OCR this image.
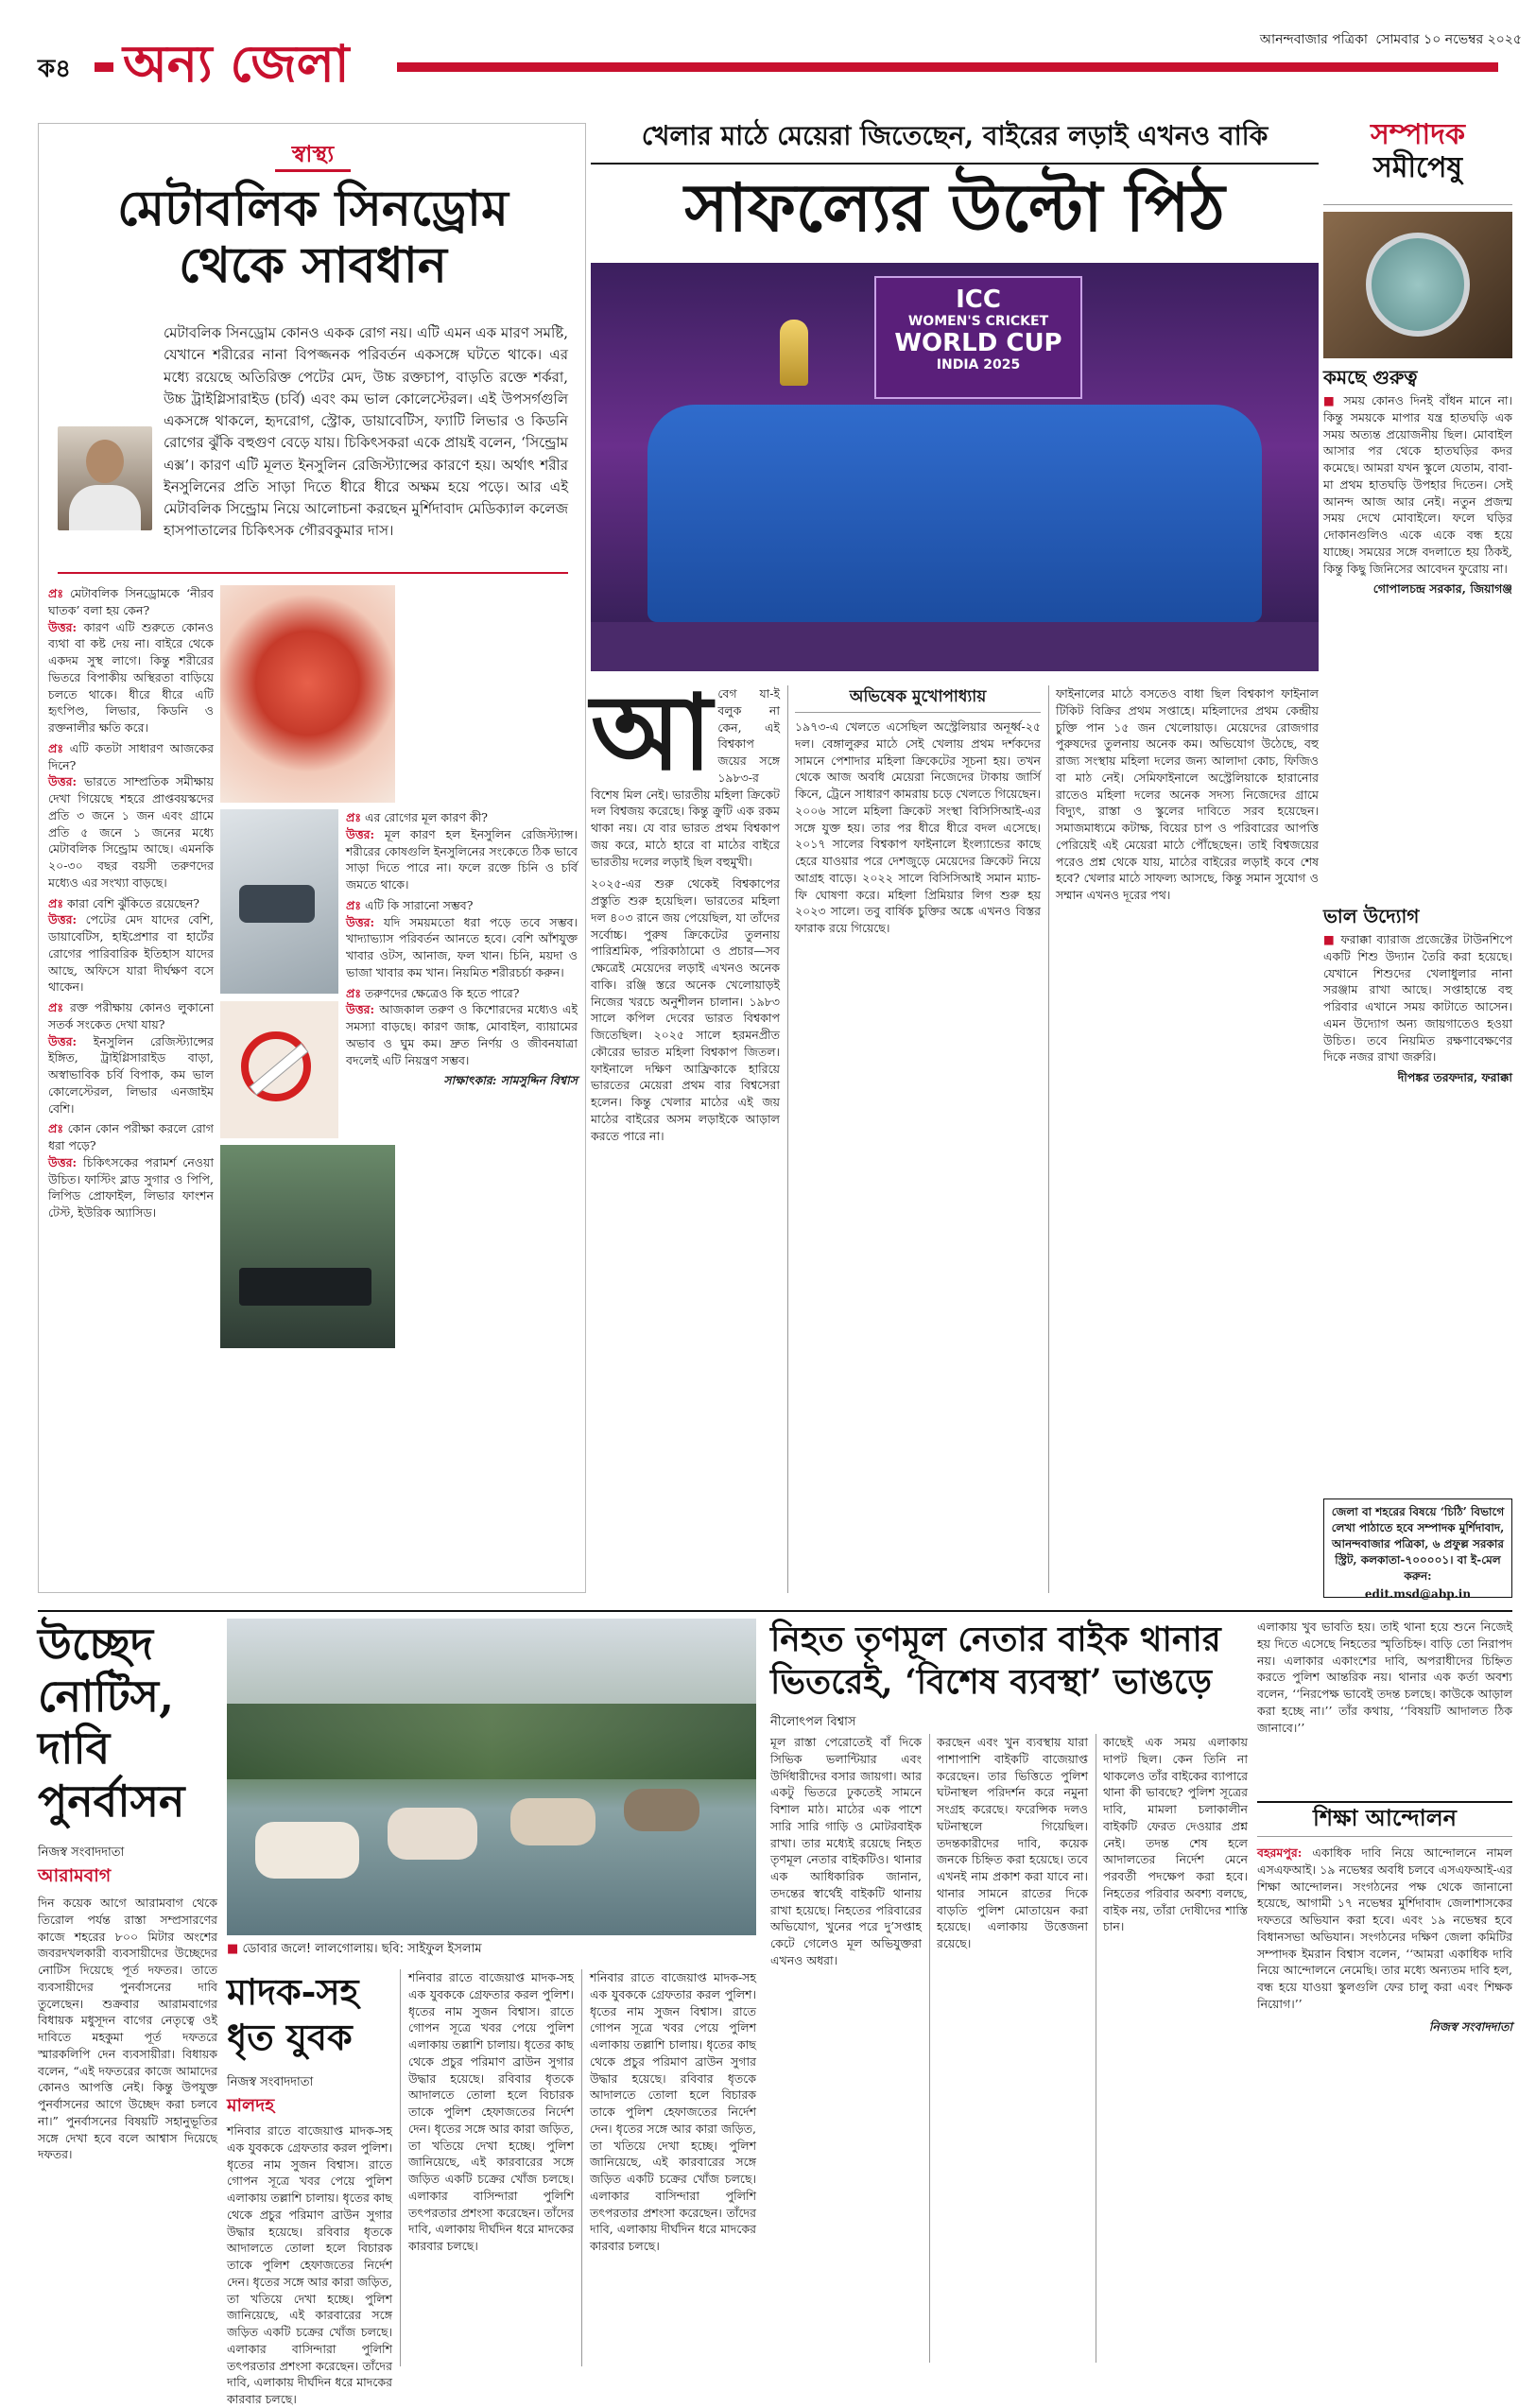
ক৪ অন্য জেলা	আনন্দবাজার পত্রিকা সোমবার ১০ নভেম্বর ২০২৫
স্বাস্থ্য
মেটাবলিক সিনড্রোম
থেকে সাবধান
মেটাবলিক সিনড্রোম কোনও একক রোগ নয়। এটি এমন এক মারণ সমষ্টি, যেখানে শরীরের নানা বিপজ্জনক পরিবর্তন একসঙ্গে ঘটতে থাকে। এর মধ্যে রয়েছে অতিরিক্ত পেটের মেদ, উচ্চ রক্তচাপ, বাড়তি রক্তে শর্করা, উচ্চ ট্রাইগ্লিসারাইড (চর্বি) এবং কম ভাল কোলেস্টেরল। এই উপসর্গগুলি একসঙ্গে থাকলে, হৃদরোগ, স্ট্রোক, ডায়াবেটিস, ফ্যাটি লিভার ও কিডনি রোগের ঝুঁকি বহুগুণ বেড়ে যায়। চিকিৎসকরা একে প্রায়ই বলেন, ‘সিন্ড্রোম এক্স’। কারণ এটি মূলত ইনসুলিন রেজিস্ট্যান্সের কারণে হয়। অর্থাৎ শরীর ইনসুলিনের প্রতি সাড়া দিতে ধীরে ধীরে অক্ষম হয়ে পড়ে। আর এই মেটাবলিক সিন্ড্রোম নিয়ে আলোচনা করছেন মুর্শিদাবাদ মেডিক্যাল কলেজ হাসপাতালের চিকিৎসক গৌরবকুমার দাস।

প্রঃ মেটাবলিক সিনড্রোমকে ‘নীরব ঘাতক’ বলা হয় কেন?
উত্তর: কারণ এটি শুরুতে কোনও ব্যথা বা কষ্ট দেয় না। বাইরে থেকে একদম সুস্থ লাগে। কিন্তু শরীরের ভিতরে বিপাকীয় অস্থিরতা বাড়িয়ে চলতে থাকে। ধীরে ধীরে এটি হৃৎপিণ্ড, লিভার, কিডনি ও রক্তনালীর ক্ষতি করে।

প্রঃ এটি কতটা সাধারণ আজকের দিনে?
উত্তর: ভারতে সাম্প্রতিক সমীক্ষায় দেখা গিয়েছে শহরে প্রাপ্তবয়স্কদের প্রতি ৩ জনে ১ জন এবং গ্রামে প্রতি ৫ জনে ১ জনের মধ্যে মেটাবলিক সিন্ড্রোম আছে। এমনকি ২০-৩০ বছর বয়সী তরুণদের মধ্যেও এর সংখ্যা বাড়ছে।

প্রঃ কারা বেশি ঝুঁকিতে রয়েছেন?
উত্তর: পেটের মেদ যাদের বেশি, ডায়াবেটিস, হাইপ্রেশার বা হার্টের রোগের পারিবারিক ইতিহাস যাদের আছে, অফিসে যারা দীর্ঘক্ষণ বসে থাকেন।

প্রঃ রক্ত পরীক্ষায় কোনও লুকানো সতর্ক সংকেত দেখা যায়?
উত্তর: ইনসুলিন রেজিস্ট্যান্সের ইঙ্গিত, ট্রাইগ্লিসারাইড বাড়া, অস্বাভাবিক চর্বি বিপাক, কম ভাল কোলেস্টেরল, লিভার এনজাইম বেশি।

প্রঃ কোন কোন পরীক্ষা করলে রোগ ধরা পড়ে?
উত্তর: চিকিৎসকের পরামর্শ নেওয়া উচিত। ফাস্টিং ব্লাড সুগার ও পিপি, লিপিড প্রোফাইল, লিভার ফাংশন টেস্ট, ইউরিক অ্যাসিড।

প্রঃ এর রোগের মূল কারণ কী?
উত্তর: মূল কারণ হল ইনসুলিন রেজিস্ট্যান্স। শরীরের কোষগুলি ইনসুলিনের সংকেতে ঠিক ভাবে সাড়া দিতে পারে না। ফলে রক্তে চিনি ও চর্বি জমতে থাকে।

প্রঃ এটি কি সারানো সম্ভব?
উত্তর: যদি সময়মতো ধরা পড়ে তবে সম্ভব। খাদ্যাভ্যাস পরিবর্তন আনতে হবে। বেশি আঁশযুক্ত খাবার ওটস, আনাজ, ফল খান। চিনি, ময়দা ও ভাজা খাবার কম খান। নিয়মিত শরীরচর্চা করুন।

প্রঃ তরুণদের ক্ষেত্রেও কি হতে পারে?
উত্তর: আজকাল তরুণ ও কিশোরদের মধ্যেও এই সমস্যা বাড়ছে। কারণ জাঙ্ক, মোবাইল, ব্যায়ামের অভাব ও ঘুম কম। দ্রুত নির্ণয় ও জীবনযাত্রা বদলেই এটি নিয়ন্ত্রণ সম্ভব।

সাক্ষাৎকার: সামসুদ্দিন বিশ্বাস

খেলার মাঠে মেয়েরা জিতেছেন, বাইরের লড়াই এখনও বাকি
সাফল্যের উল্টো পিঠ
ICC
WOMEN'S CRICKET
WORLD CUP
INDIA 2025
আ বেগ যা-ই বলুক না কেন, এই বিশ্বকাপ জয়ের সঙ্গে ১৯৮৩-র বিশেষ মিল নেই। ভারতীয় মহিলা ক্রিকেট দল বিশ্বজয় করেছে। কিন্তু ক্রুটি এক রকম থাকা নয়। যে বার ভারত প্রথম বিশ্বকাপ জয় করে, মাঠে হারে বা মাঠের বাইরে ভারতীয় দলের লড়াই ছিল বহুমুখী।

২০২৫-এর শুরু থেকেই বিশ্বকাপের প্রস্তুতি শুরু হয়েছিল। ভারতের মহিলা দল ৪০৩ রানে জয় পেয়েছিল, যা তাঁদের সর্বোচ্চ। পুরুষ ক্রিকেটের তুলনায় পারিশ্রমিক, পরিকাঠামো ও প্রচার—সব ক্ষেত্রেই মেয়েদের লড়াই এখনও অনেক বাকি। রঞ্জি স্তরে অনেক খেলোয়াড়ই নিজের খরচে অনুশীলন চালান। ১৯৮৩ সালে কপিল দেবের ভারত বিশ্বকাপ জিতেছিল। ২০২৫ সালে হরমনপ্রীত কৌরের ভারত মহিলা বিশ্বকাপ জিতল। ফাইনালে দক্ষিণ আফ্রিকাকে হারিয়ে ভারতের মেয়েরা প্রথম বার বিশ্বসেরা হলেন। কিন্তু খেলার মাঠের এই জয় মাঠের বাইরের অসম লড়াইকে আড়াল করতে পারে না।

অভিষেক মুখোপাধ্যায়

১৯৭৩-এ খেলতে এসেছিল অস্ট্রেলিয়ার অনূর্ধ্ব-২৫ দল। বেঙ্গালুরুর মাঠে সেই খেলায় প্রথম দর্শকদের সামনে পেশাদার মহিলা ক্রিকেটের সূচনা হয়। তখন থেকে আজ অবধি মেয়েরা নিজেদের টাকায় জার্সি কিনে, ট্রেনে সাধারণ কামরায় চড়ে খেলতে গিয়েছেন। ২০০৬ সালে মহিলা ক্রিকেট সংস্থা বিসিসিআই-এর সঙ্গে যুক্ত হয়। তার পর ধীরে ধীরে বদল এসেছে। ২০১৭ সালের বিশ্বকাপ ফাইনালে ইংল্যান্ডের কাছে হেরে যাওয়ার পরে দেশজুড়ে মেয়েদের ক্রিকেট নিয়ে আগ্রহ বাড়ে। ২০২২ সালে বিসিসিআই সমান ম্যাচ-ফি ঘোষণা করে। মহিলা প্রিমিয়ার লিগ শুরু হয় ২০২৩ সালে। তবু বার্ষিক চুক্তির অঙ্কে এখনও বিস্তর ফারাক রয়ে গিয়েছে।

ফাইনালের মাঠে বসতেও বাধা ছিল বিশ্বকাপ ফাইনাল টিকিট বিক্রির প্রথম সপ্তাহে। মহিলাদের প্রথম কেন্দ্রীয় চুক্তি পান ১৫ জন খেলোয়াড়। মেয়েদের রোজগার পুরুষদের তুলনায় অনেক কম। অভিযোগ উঠেছে, বহু রাজ্য সংস্থায় মহিলা দলের জন্য আলাদা কোচ, ফিজিও বা মাঠ নেই। সেমিফাইনালে অস্ট্রেলিয়াকে হারানোর রাতেও মহিলা দলের অনেক সদস্য নিজেদের গ্রামে বিদ্যুৎ, রাস্তা ও স্কুলের দাবিতে সরব হয়েছেন। সমাজমাধ্যমে কটাক্ষ, বিয়ের চাপ ও পরিবারের আপত্তি পেরিয়েই এই মেয়েরা মাঠে পৌঁছেছেন। তাই বিশ্বজয়ের পরেও প্রশ্ন থেকে যায়, মাঠের বাইরের লড়াই কবে শেষ হবে? খেলার মাঠে সাফল্য আসছে, কিন্তু সমান সুযোগ ও সম্মান এখনও দূরের পথ।

সম্পাদক
সমীপেষু
কমছে গুরুত্ব

■ সময় কোনও দিনই বাঁধন মানে না। কিন্তু সময়কে মাপার যন্ত্র হাতঘড়ি এক সময় অত্যন্ত প্রয়োজনীয় ছিল। মোবাইল আসার পর থেকে হাতঘড়ির কদর কমেছে। আমরা যখন স্কুলে যেতাম, বাবা-মা প্রথম হাতঘড়ি উপহার দিতেন। সেই আনন্দ আজ আর নেই। নতুন প্রজন্ম সময় দেখে মোবাইলে। ফলে ঘড়ির দোকানগুলিও একে একে বন্ধ হয়ে যাচ্ছে। সময়ের সঙ্গে বদলাতে হয় ঠিকই, কিন্তু কিছু জিনিসের আবেদন ফুরোয় না।

গোপালচন্দ্র সরকার, জিয়াগঞ্জ

ভাল উদ্যোগ

■ ফরাক্কা ব্যারাজ প্রজেক্টের টাউনশিপে একটি শিশু উদ্যান তৈরি করা হয়েছে। যেখানে শিশুদের খেলাধুলার নানা সরঞ্জাম রাখা আছে। সপ্তাহান্তে বহু পরিবার এখানে সময় কাটাতে আসেন। এমন উদ্যোগ অন্য জায়গাতেও হওয়া উচিত। তবে নিয়মিত রক্ষণাবেক্ষণের দিকে নজর রাখা জরুরি।

দীপঙ্কর তরফদার, ফরাক্কা

জেলা বা শহরের বিষয়ে ‘চিঠি’ বিভাগে লেখা পাঠাতে হবে সম্পাদক মুর্শিদাবাদ, আনন্দবাজার পত্রিকা, ৬ প্রফুল্ল সরকার স্ট্রিট, কলকাতা-৭০০০০১। বা ই-মেল করুন:
edit.msd@abp.in
উচ্ছেদ
নোটিস,
দাবি
পুনর্বাসন
নিজস্ব সংবাদদাতা
আরামবাগ
দিন কয়েক আগে আরামবাগ থেকে তিরোল পর্যন্ত রাস্তা সম্প্রসারণের কাজে শহরের ৮০০ মিটার অংশের জবরদখলকারী ব্যবসায়ীদের উচ্ছেদের নোটিস দিয়েছে পূর্ত দফতর। তাতে ব্যবসায়ীদের পুনর্বাসনের দাবি তুলেছেন। শুক্রবার আরামবাগের বিধায়ক মধুসূদন বাগের নেতৃত্বে ওই দাবিতে মহকুমা পূর্ত দফতরে স্মারকলিপি দেন ব্যবসায়ীরা। বিধায়ক বলেন, “এই দফতরের কাজে আমাদের কোনও আপত্তি নেই। কিন্তু উপযুক্ত পুনর্বাসনের আগে উচ্ছেদ করা চলবে না।” পুনর্বাসনের বিষয়টি সহানুভূতির সঙ্গে দেখা হবে বলে আশ্বাস দিয়েছে দফতর।
■ ডোবার জলে! লালগোলায়। ছবি: সাইফুল ইসলাম
মাদক-সহ
ধৃত যুবক
নিজস্ব সংবাদদাতা
মালদহ
শনিবার রাতে বাজেয়াপ্ত মাদক-সহ এক যুবককে গ্রেফতার করল পুলিশ। ধৃতের নাম সুজন বিশ্বাস। রাতে গোপন সূত্রে খবর পেয়ে পুলিশ এলাকায় তল্লাশি চালায়। ধৃতের কাছ থেকে প্রচুর পরিমাণ ব্রাউন সুগার উদ্ধার হয়েছে। রবিবার ধৃতকে আদালতে তোলা হলে বিচারক তাকে পুলিশ হেফাজতের নির্দেশ দেন। ধৃতের সঙ্গে আর কারা জড়িত, তা খতিয়ে দেখা হচ্ছে। পুলিশ জানিয়েছে, এই কারবারের সঙ্গে জড়িত একটি চক্রের খোঁজ চলছে। এলাকার বাসিন্দারা পুলিশি তৎপরতার প্রশংসা করেছেন। তাঁদের দাবি, এলাকায় দীর্ঘদিন ধরে মাদকের কারবার চলছে।
শনিবার রাতে বাজেয়াপ্ত মাদক-সহ এক যুবককে গ্রেফতার করল পুলিশ। ধৃতের নাম সুজন বিশ্বাস। রাতে গোপন সূত্রে খবর পেয়ে পুলিশ এলাকায় তল্লাশি চালায়। ধৃতের কাছ থেকে প্রচুর পরিমাণ ব্রাউন সুগার উদ্ধার হয়েছে। রবিবার ধৃতকে আদালতে তোলা হলে বিচারক তাকে পুলিশ হেফাজতের নির্দেশ দেন। ধৃতের সঙ্গে আর কারা জড়িত, তা খতিয়ে দেখা হচ্ছে। পুলিশ জানিয়েছে, এই কারবারের সঙ্গে জড়িত একটি চক্রের খোঁজ চলছে। এলাকার বাসিন্দারা পুলিশি তৎপরতার প্রশংসা করেছেন। তাঁদের দাবি, এলাকায় দীর্ঘদিন ধরে মাদকের কারবার চলছে।
শনিবার রাতে বাজেয়াপ্ত মাদক-সহ এক যুবককে গ্রেফতার করল পুলিশ। ধৃতের নাম সুজন বিশ্বাস। রাতে গোপন সূত্রে খবর পেয়ে পুলিশ এলাকায় তল্লাশি চালায়। ধৃতের কাছ থেকে প্রচুর পরিমাণ ব্রাউন সুগার উদ্ধার হয়েছে। রবিবার ধৃতকে আদালতে তোলা হলে বিচারক তাকে পুলিশ হেফাজতের নির্দেশ দেন। ধৃতের সঙ্গে আর কারা জড়িত, তা খতিয়ে দেখা হচ্ছে। পুলিশ জানিয়েছে, এই কারবারের সঙ্গে জড়িত একটি চক্রের খোঁজ চলছে। এলাকার বাসিন্দারা পুলিশি তৎপরতার প্রশংসা করেছেন। তাঁদের দাবি, এলাকায় দীর্ঘদিন ধরে মাদকের কারবার চলছে।
নিহত তৃণমূল নেতার বাইক থানার
ভিতরেই, ‘বিশেষ ব্যবস্থা’ ভাঙড়ে
নীলোৎপল বিশ্বাস
মূল রাস্তা পেরোতেই বাঁ দিকে সিভিক ভলান্টিয়ার এবং উর্দিধারীদের বসার জায়গা। আর একটু ভিতরে ঢুকতেই সামনে বিশাল মাঠ। মাঠের এক পাশে সারি সারি গাড়ি ও মোটরবাইক রাখা। তার মধ্যেই রয়েছে নিহত তৃণমূল নেতার বাইকটিও। থানার এক আধিকারিক জানান, তদন্তের স্বার্থেই বাইকটি থানায় রাখা হয়েছে। নিহতের পরিবারের অভিযোগ, খুনের পরে দু’সপ্তাহ কেটে গেলেও মূল অভিযুক্তরা এখনও অধরা।
করছেন এবং খুন ব্যবস্থায় যারা পাশাপাশি বাইকটি বাজেয়াপ্ত করেছেন। তার ভিত্তিতে পুলিশ ঘটনাস্থল পরিদর্শন করে নমুনা সংগ্রহ করেছে। ফরেন্সিক দলও ঘটনাস্থলে গিয়েছিল। তদন্তকারীদের দাবি, কয়েক জনকে চিহ্নিত করা হয়েছে। তবে এখনই নাম প্রকাশ করা যাবে না। থানার সামনে রাতের দিকে বাড়তি পুলিশ মোতায়েন করা হয়েছে। এলাকায় উত্তেজনা রয়েছে।
কাছেই এক সময় এলাকায় দাপট ছিল। কেন তিনি না থাকলেও তাঁর বাইকের ব্যাপারে থানা কী ভাবছে? পুলিশ সূত্রের দাবি, মামলা চলাকালীন বাইকটি ফেরত দেওয়ার প্রশ্ন নেই। তদন্ত শেষ হলে আদালতের নির্দেশ মেনে পরবর্তী পদক্ষেপ করা হবে। নিহতের পরিবার অবশ্য বলছে, বাইক নয়, তাঁরা দোষীদের শাস্তি চান।
এলাকায় খুব ভাবতি হয়। তাই থানা হয়ে শুনে নিজেই হয় দিতে এসেছে নিহতের স্মৃতিচিহ্ন। বাড়ি তো নিরাপদ নয়। এলাকার একাংশের দাবি, অপরাধীদের চিহ্নিত করতে পুলিশ আন্তরিক নয়। থানার এক কর্তা অবশ্য বলেন, ‘‘নিরপেক্ষ ভাবেই তদন্ত চলছে। কাউকে আড়াল করা হচ্ছে না।’’ তাঁর কথায়, ‘‘বিষয়টি আদালত ঠিক জানাবে।’’
শিক্ষা আন্দোলন
বহরমপুর: একাধিক দাবি নিয়ে আন্দোলনে নামল এসএফআই। ১৯ নভেম্বর অবধি চলবে এসএফআই-এর শিক্ষা আন্দোলন। সংগঠনের পক্ষ থেকে জানানো হয়েছে, আগামী ১৭ নভেম্বর মুর্শিদাবাদ জেলাশাসকের দফতরে অভিযান করা হবে। এবং ১৯ নভেম্বর হবে বিধানসভা অভিযান। সংগঠনের দক্ষিণ জেলা কমিটির সম্পাদক ইমরান বিশ্বাস বলেন, ‘‘আমরা একাধিক দাবি নিয়ে আন্দোলনে নেমেছি। তার মধ্যে অন্যতম দাবি হল, বন্ধ হয়ে যাওয়া স্কুলগুলি ফের চালু করা এবং শিক্ষক নিয়োগ।’’

নিজস্ব সংবাদদাতা
